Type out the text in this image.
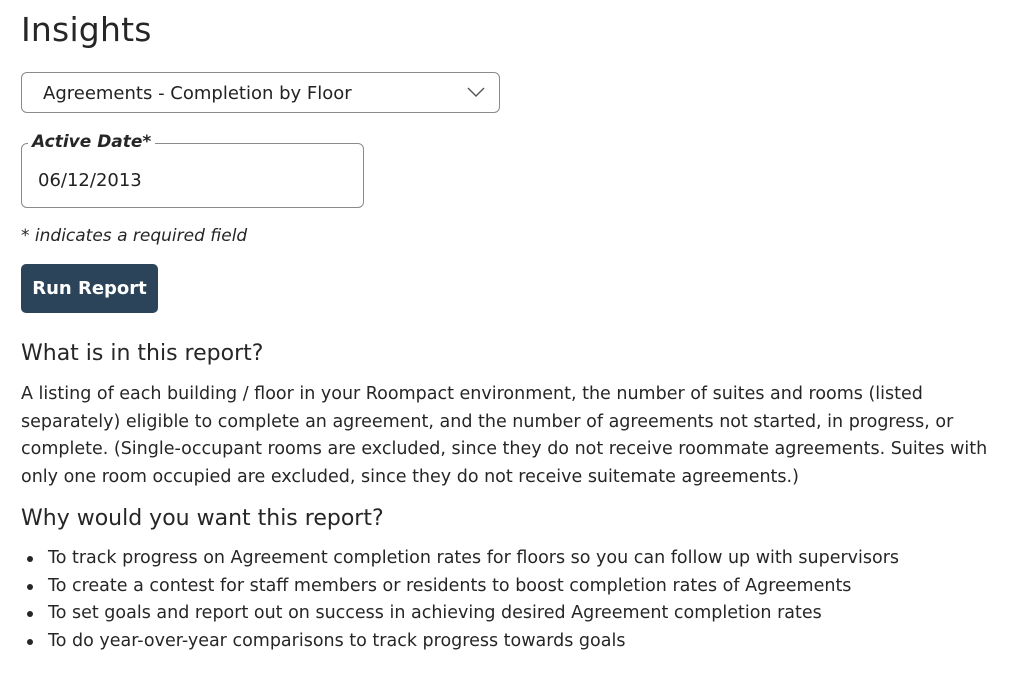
Insights
Agreements - Completion by Floor
Active Date*
06/12/2013
* indicates a required field
Run Report
What is in this report?

A listing of each building / floor in your Roompact environment, the number of suites and rooms (listed separately) eligible to complete an agreement, and the number of agreements not started, in progress, or complete. (Single-occupant rooms are excluded, since they do not receive roommate agreements. Suites with only one room occupied are excluded, since they do not receive suitemate agreements.)

Why would you want this report?
To track progress on Agreement completion rates for floors so you can follow up with supervisors
To create a contest for staff members or residents to boost completion rates of Agreements
To set goals and report out on success in achieving desired Agreement completion rates
To do year-over-year comparisons to track progress towards goals
